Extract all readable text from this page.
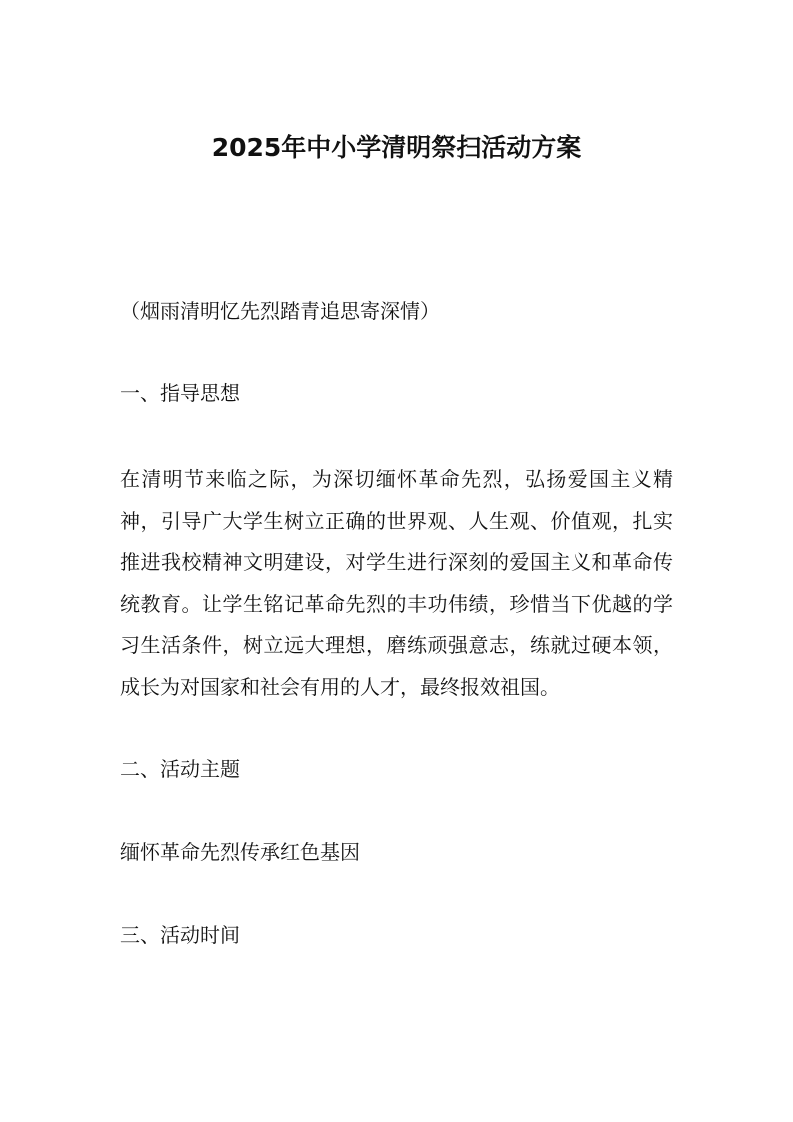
2025年中小学清明祭扫活动方案
（烟雨清明忆先烈踏青追思寄深情）
一、指导思想
在清明节来临之际，为深切缅怀革命先烈，弘扬爱国主义精神，引导广大学生树立正确的世界观、人生观、价值观，扎实推进我校精神文明建设，对学生进行深刻的爱国主义和革命传统教育。让学生铭记革命先烈的丰功伟绩，珍惜当下优越的学习生活条件，树立远大理想，磨练顽强意志，练就过硬本领，成长为对国家和社会有用的人才，最终报效祖国。
二、活动主题
缅怀革命先烈传承红色基因
三、活动时间
